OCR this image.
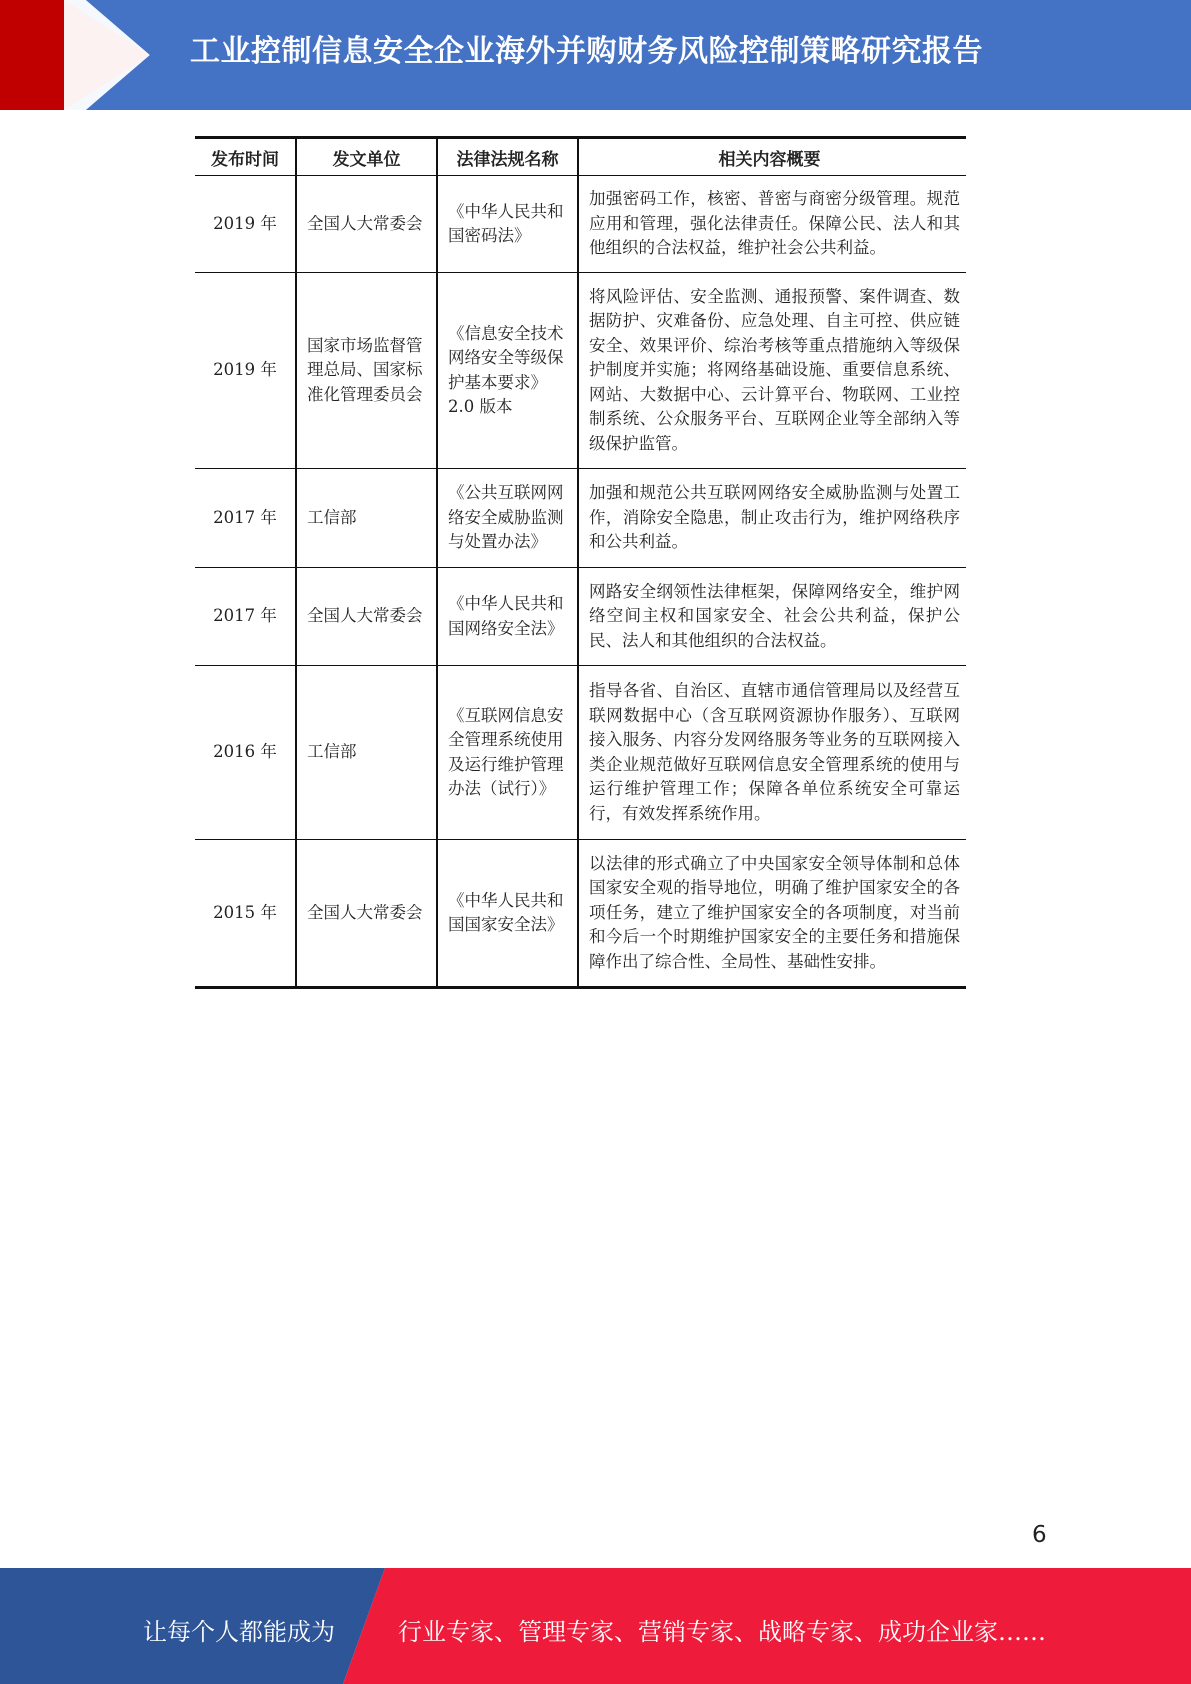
工业控制信息安全企业海外并购财务风险控制策略研究报告
发布时间	发文单位	法律法规名称	相关内容概要
2019 年	全国人大常委会	《中华人民共和国密码法》	加强密码工作，核密、普密与商密分级管理。规范应用和管理，强化法律责任。保障公民、法人和其他组织的合法权益，维护社会公共利益。
2019 年	国家市场监督管理总局、国家标准化管理委员会	《信息安全技术网络安全等级保护基本要求》2.0 版本	将风险评估、安全监测、通报预警、案件调查、数据防护、灾难备份、应急处理、自主可控、供应链安全、效果评价、综治考核等重点措施纳入等级保护制度并实施；将网络基础设施、重要信息系统、网站、大数据中心、云计算平台、物联网、工业控制系统、公众服务平台、互联网企业等全部纳入等级保护监管。
2017 年	工信部	《公共互联网网络安全威胁监测与处置办法》	加强和规范公共互联网网络安全威胁监测与处置工作，消除安全隐患，制止攻击行为，维护网络秩序和公共利益。
2017 年	全国人大常委会	《中华人民共和国网络安全法》	网路安全纲领性法律框架，保障网络安全，维护网络空间主权和国家安全、社会公共利益，保护公民、法人和其他组织的合法权益。
2016 年	工信部	《互联网信息安全管理系统使用及运行维护管理办法（试行）》	指导各省、自治区、直辖市通信管理局以及经营互联网数据中心（含互联网资源协作服务）、互联网接入服务、内容分发网络服务等业务的互联网接入类企业规范做好互联网信息安全管理系统的使用与运行维护管理工作；保障各单位系统安全可靠运行，有效发挥系统作用。
2015 年	全国人大常委会	《中华人民共和国国家安全法》	以法律的形式确立了中央国家安全领导体制和总体国家安全观的指导地位，明确了维护国家安全的各项任务，建立了维护国家安全的各项制度，对当前和今后一个时期维护国家安全的主要任务和措施保障作出了综合性、全局性、基础性安排。
6
让每个人都能成为	行业专家、管理专家、营销专家、战略专家、成功企业家……
